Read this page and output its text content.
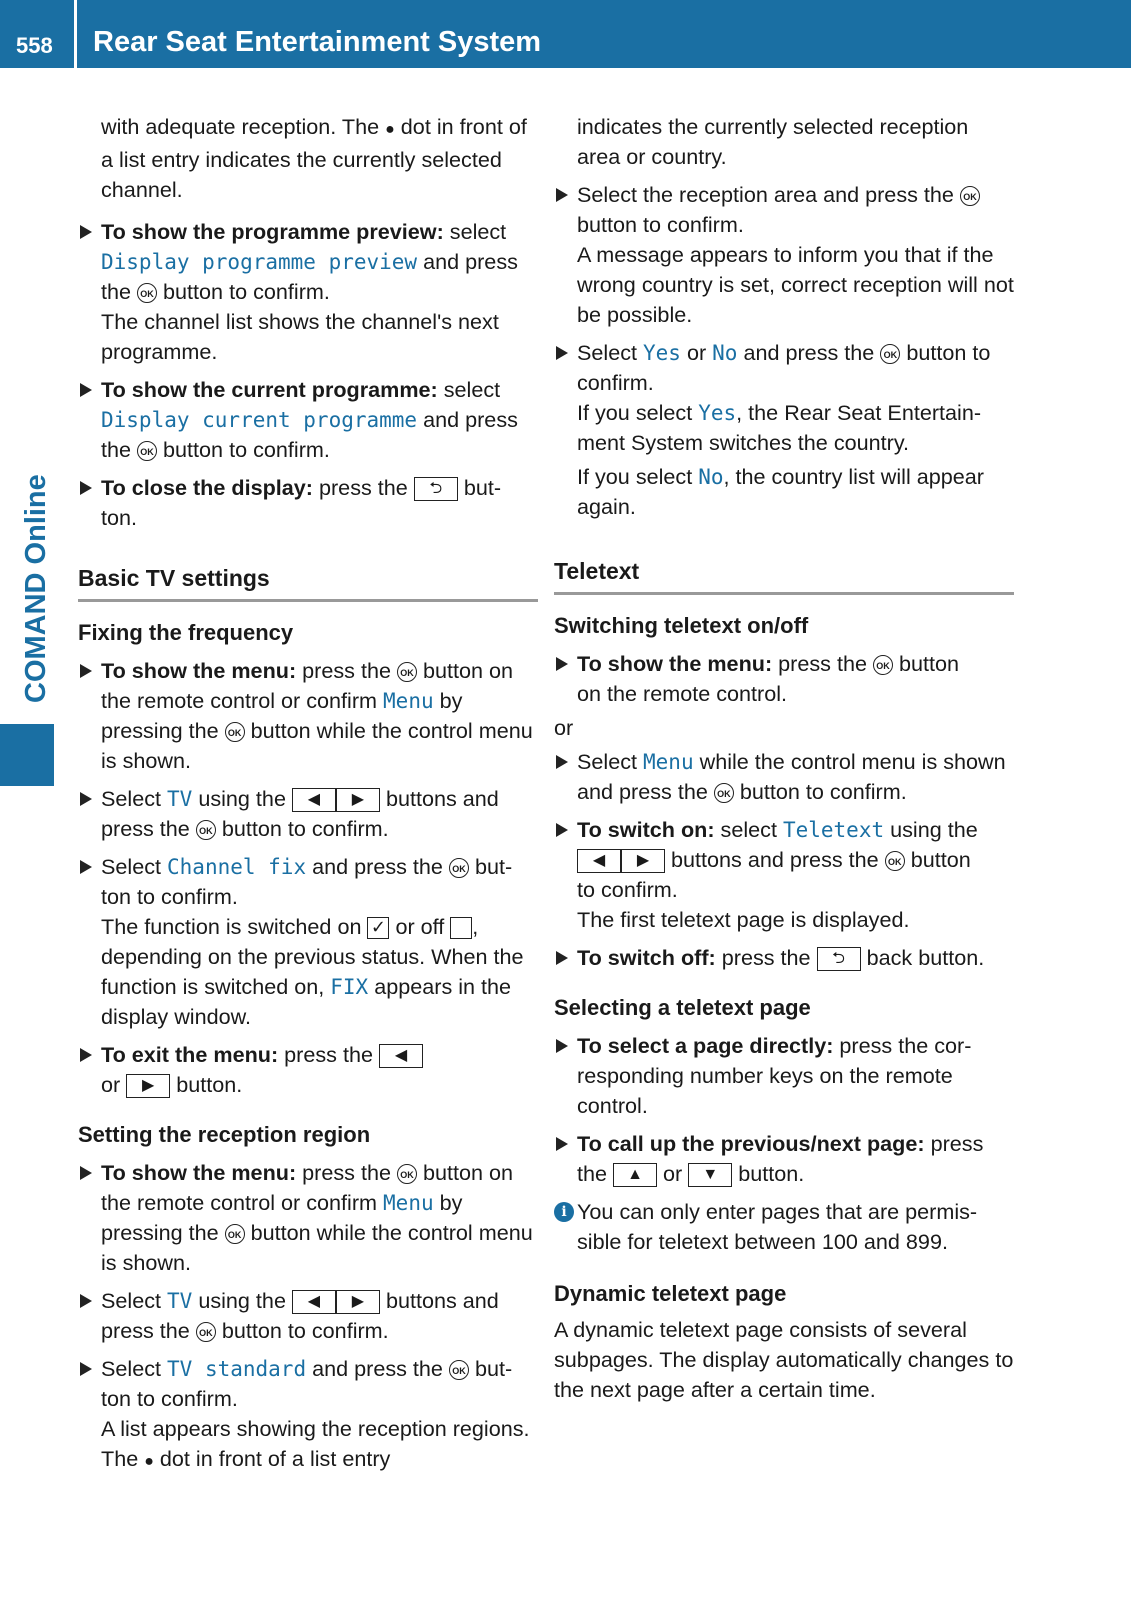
558 Rear Seat Entertainment System
COMAND Online
with adequate reception. The ● dot in front of a list entry indicates the currently selected channel.
To show the programme preview: select Display programme preview and press the OK button to confirm.
The channel list shows the channel's next programme.
To show the current programme: select Display current programme and press the OK button to confirm.
To close the display: press the ⮌ but- ton.
Basic TV settings
Fixing the frequency
To show the menu: press the OK button on the remote control or confirm Menu by pressing the OK button while the control menu is shown.
Select TV using the ◀ ▶ buttons and press the OK button to confirm.
Select Channel fix and press the OK but- ton to confirm.
The function is switched on ✓ or off , depending on the previous status. When the function is switched on, FIX appears in the display window.
To exit the menu: press the ◀
or ▶ button.
Setting the reception region
To show the menu: press the OK button on the remote control or confirm Menu by pressing the OK button while the control menu is shown.
Select TV using the ◀ ▶ buttons and press the OK button to confirm.
Select TV standard and press the OK but- ton to confirm.
A list appears showing the reception regions. The ● dot in front of a list entry
indicates the currently selected reception area or country.
Select the reception area and press the OK button to confirm.
A message appears to inform you that if the wrong country is set, correct reception will not be possible.
Select Yes or No and press the OK button to confirm.
If you select Yes, the Rear Seat Entertain-ment System switches the country.
If you select No, the country list will appear again.
Teletext
Switching teletext on/off
To show the menu: press the OK button
on the remote control.
or
Select Menu while the control menu is shown and press the OK button to confirm.
To switch on: select Teletext using the
◀ ▶ buttons and press the OK button
to confirm.
The first teletext page is displayed.
To switch off: press the ⮌ back button.
Selecting a teletext page
To select a page directly: press the cor-responding number keys on the remote control.
To call up the previous/next page: press the ▲ or ▼ button.
i You can only enter pages that are permis-sible for teletext between 100 and 899.
Dynamic teletext page
A dynamic teletext page consists of several subpages. The display automatically changes to the next page after a certain time.
